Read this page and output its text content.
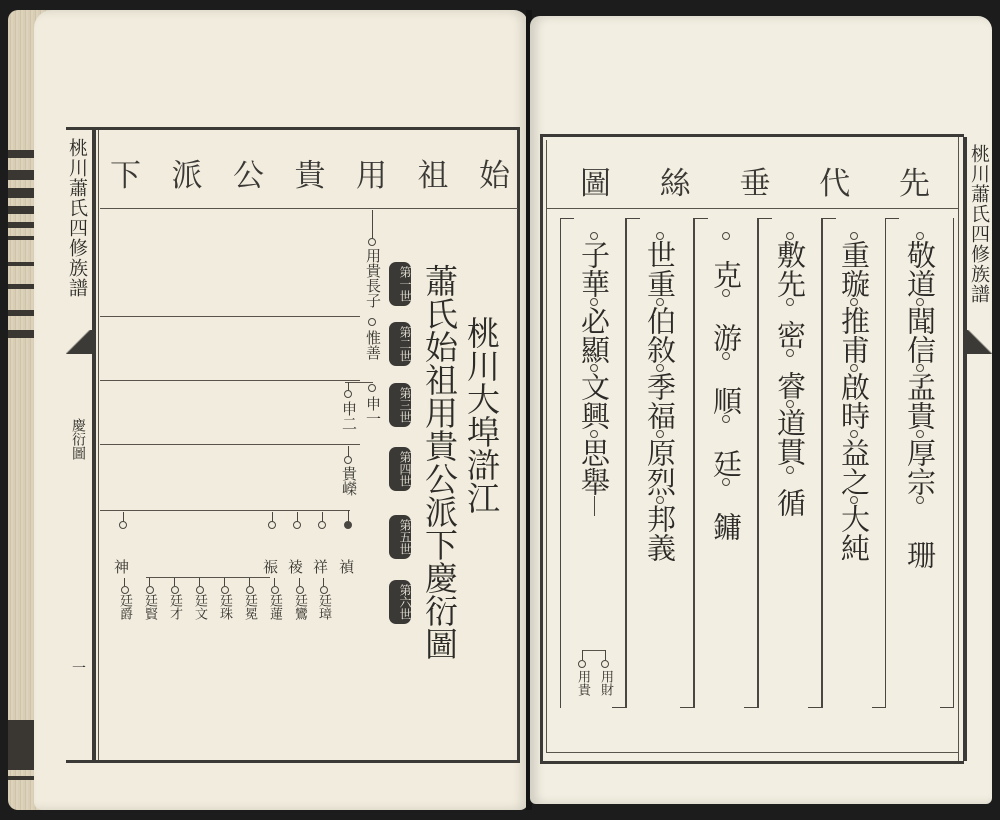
桃川蕭氏四修族譜
慶衍圖
一
始
祖
用
貴
公
派
下
桃川大埠滸江
蕭氏始祖用貴公派下慶衍圖
第一世
第二世
第三世
第四世
第五世
第六世
用貴長子
惟善
申一
申二
貴嶸
禎
祥
祾
祳
神
廷璋
廷鸞
廷蓮
廷冕
廷珠
廷文
廷才
廷賢
廷爵
桃川蕭氏四修族譜
先
代
垂
絲
圖
敬道
聞信
孟貴
厚宗
珊
重璇
推甫
啟時
益之
大純
敷先
密
睿
道貫
循
克
游
順
廷
鏞
世重
伯敘
季福
原烈
邦義
子華
必顯
文興
思舉
用財
用貴
